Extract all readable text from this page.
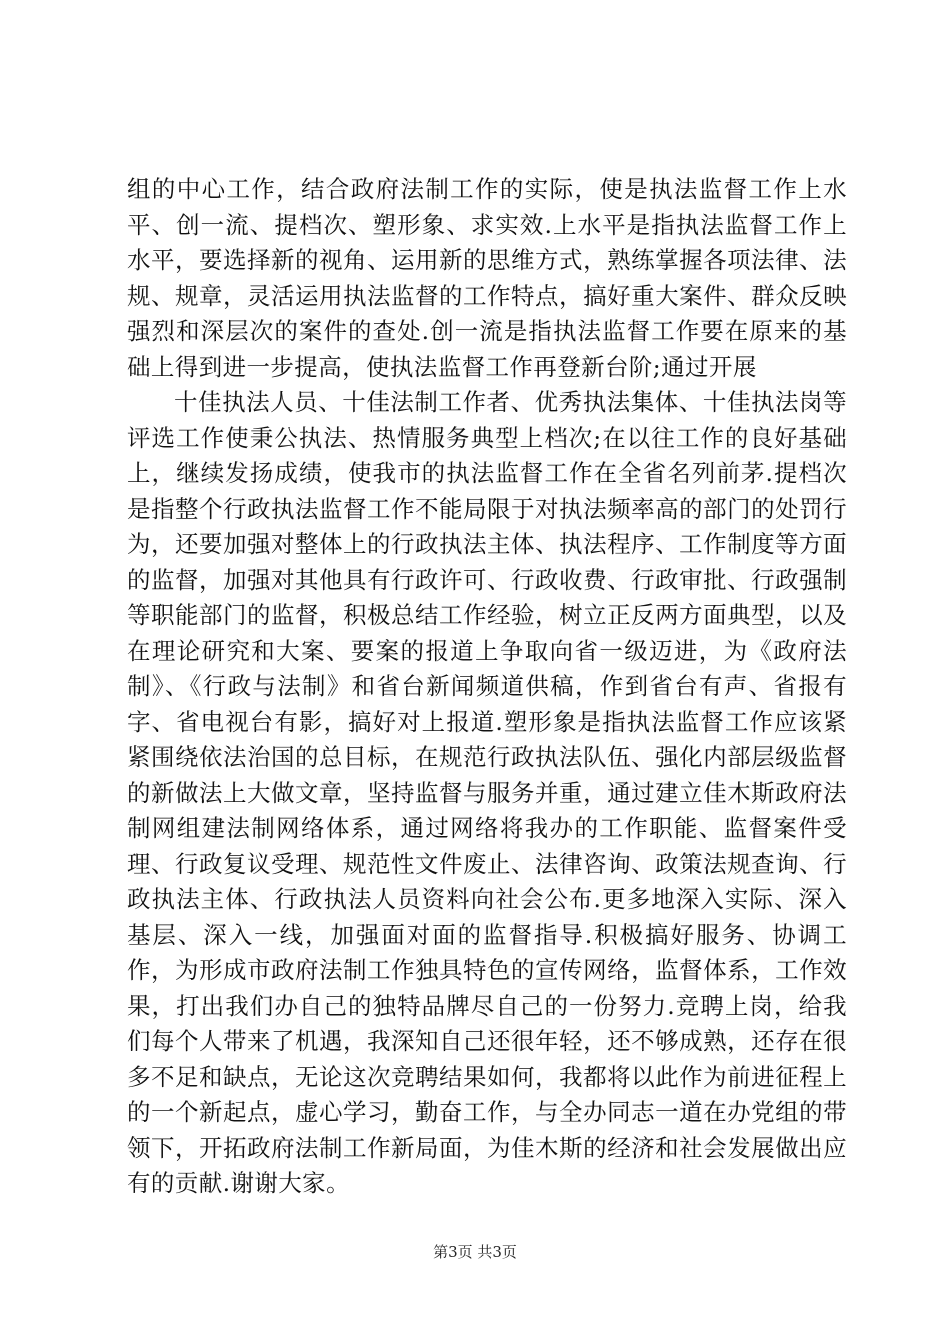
组的中心工作，结合政府法制工作的实际，使是执法监督工作上水平、创一流、提档次、塑形象、求实效.上水平是指执法监督工作上水平，要选择新的视角、运用新的思维方式，熟练掌握各项法律、法规、规章，灵活运用执法监督的工作特点，搞好重大案件、群众反映强烈和深层次的案件的查处.创一流是指执法监督工作要在原来的基础上得到进一步提高，使执法监督工作再登新台阶;通过开展

十佳执法人员、十佳法制工作者、优秀执法集体、十佳执法岗等评选工作使秉公执法、热情服务典型上档次;在以往工作的良好基础上，继续发扬成绩，使我市的执法监督工作在全省名列前茅.提档次是指整个行政执法监督工作不能局限于对执法频率高的部门的处罚行为，还要加强对整体上的行政执法主体、执法程序、工作制度等方面的监督，加强对其他具有行政许可、行政收费、行政审批、行政强制等职能部门的监督，积极总结工作经验，树立正反两方面典型，以及在理论研究和大案、要案的报道上争取向省一级迈进，为《政府法制》、《行政与法制》和省台新闻频道供稿，作到省台有声、省报有字、省电视台有影，搞好对上报道.塑形象是指执法监督工作应该紧紧围绕依法治国的总目标，在规范行政执法队伍、强化内部层级监督的新做法上大做文章，坚持监督与服务并重，通过建立佳木斯政府法制网组建法制网络体系，通过网络将我办的工作职能、监督案件受理、行政复议受理、规范性文件废止、法律咨询、政策法规查询、行政执法主体、行政执法人员资料向社会公布.更多地深入实际、深入基层、深入一线，加强面对面的监督指导.积极搞好服务、协调工作，为形成市政府法制工作独具特色的宣传网络，监督体系，工作效果，打出我们办自己的独特品牌尽自己的一份努力.竞聘上岗，给我们每个人带来了机遇，我深知自己还很年轻，还不够成熟，还存在很多不足和缺点，无论这次竞聘结果如何，我都将以此作为前进征程上的一个新起点，虚心学习，勤奋工作，与全办同志一道在办党组的带领下，开拓政府法制工作新局面，为佳木斯的经济和社会发展做出应有的贡献.谢谢大家。

第3页 共3页
